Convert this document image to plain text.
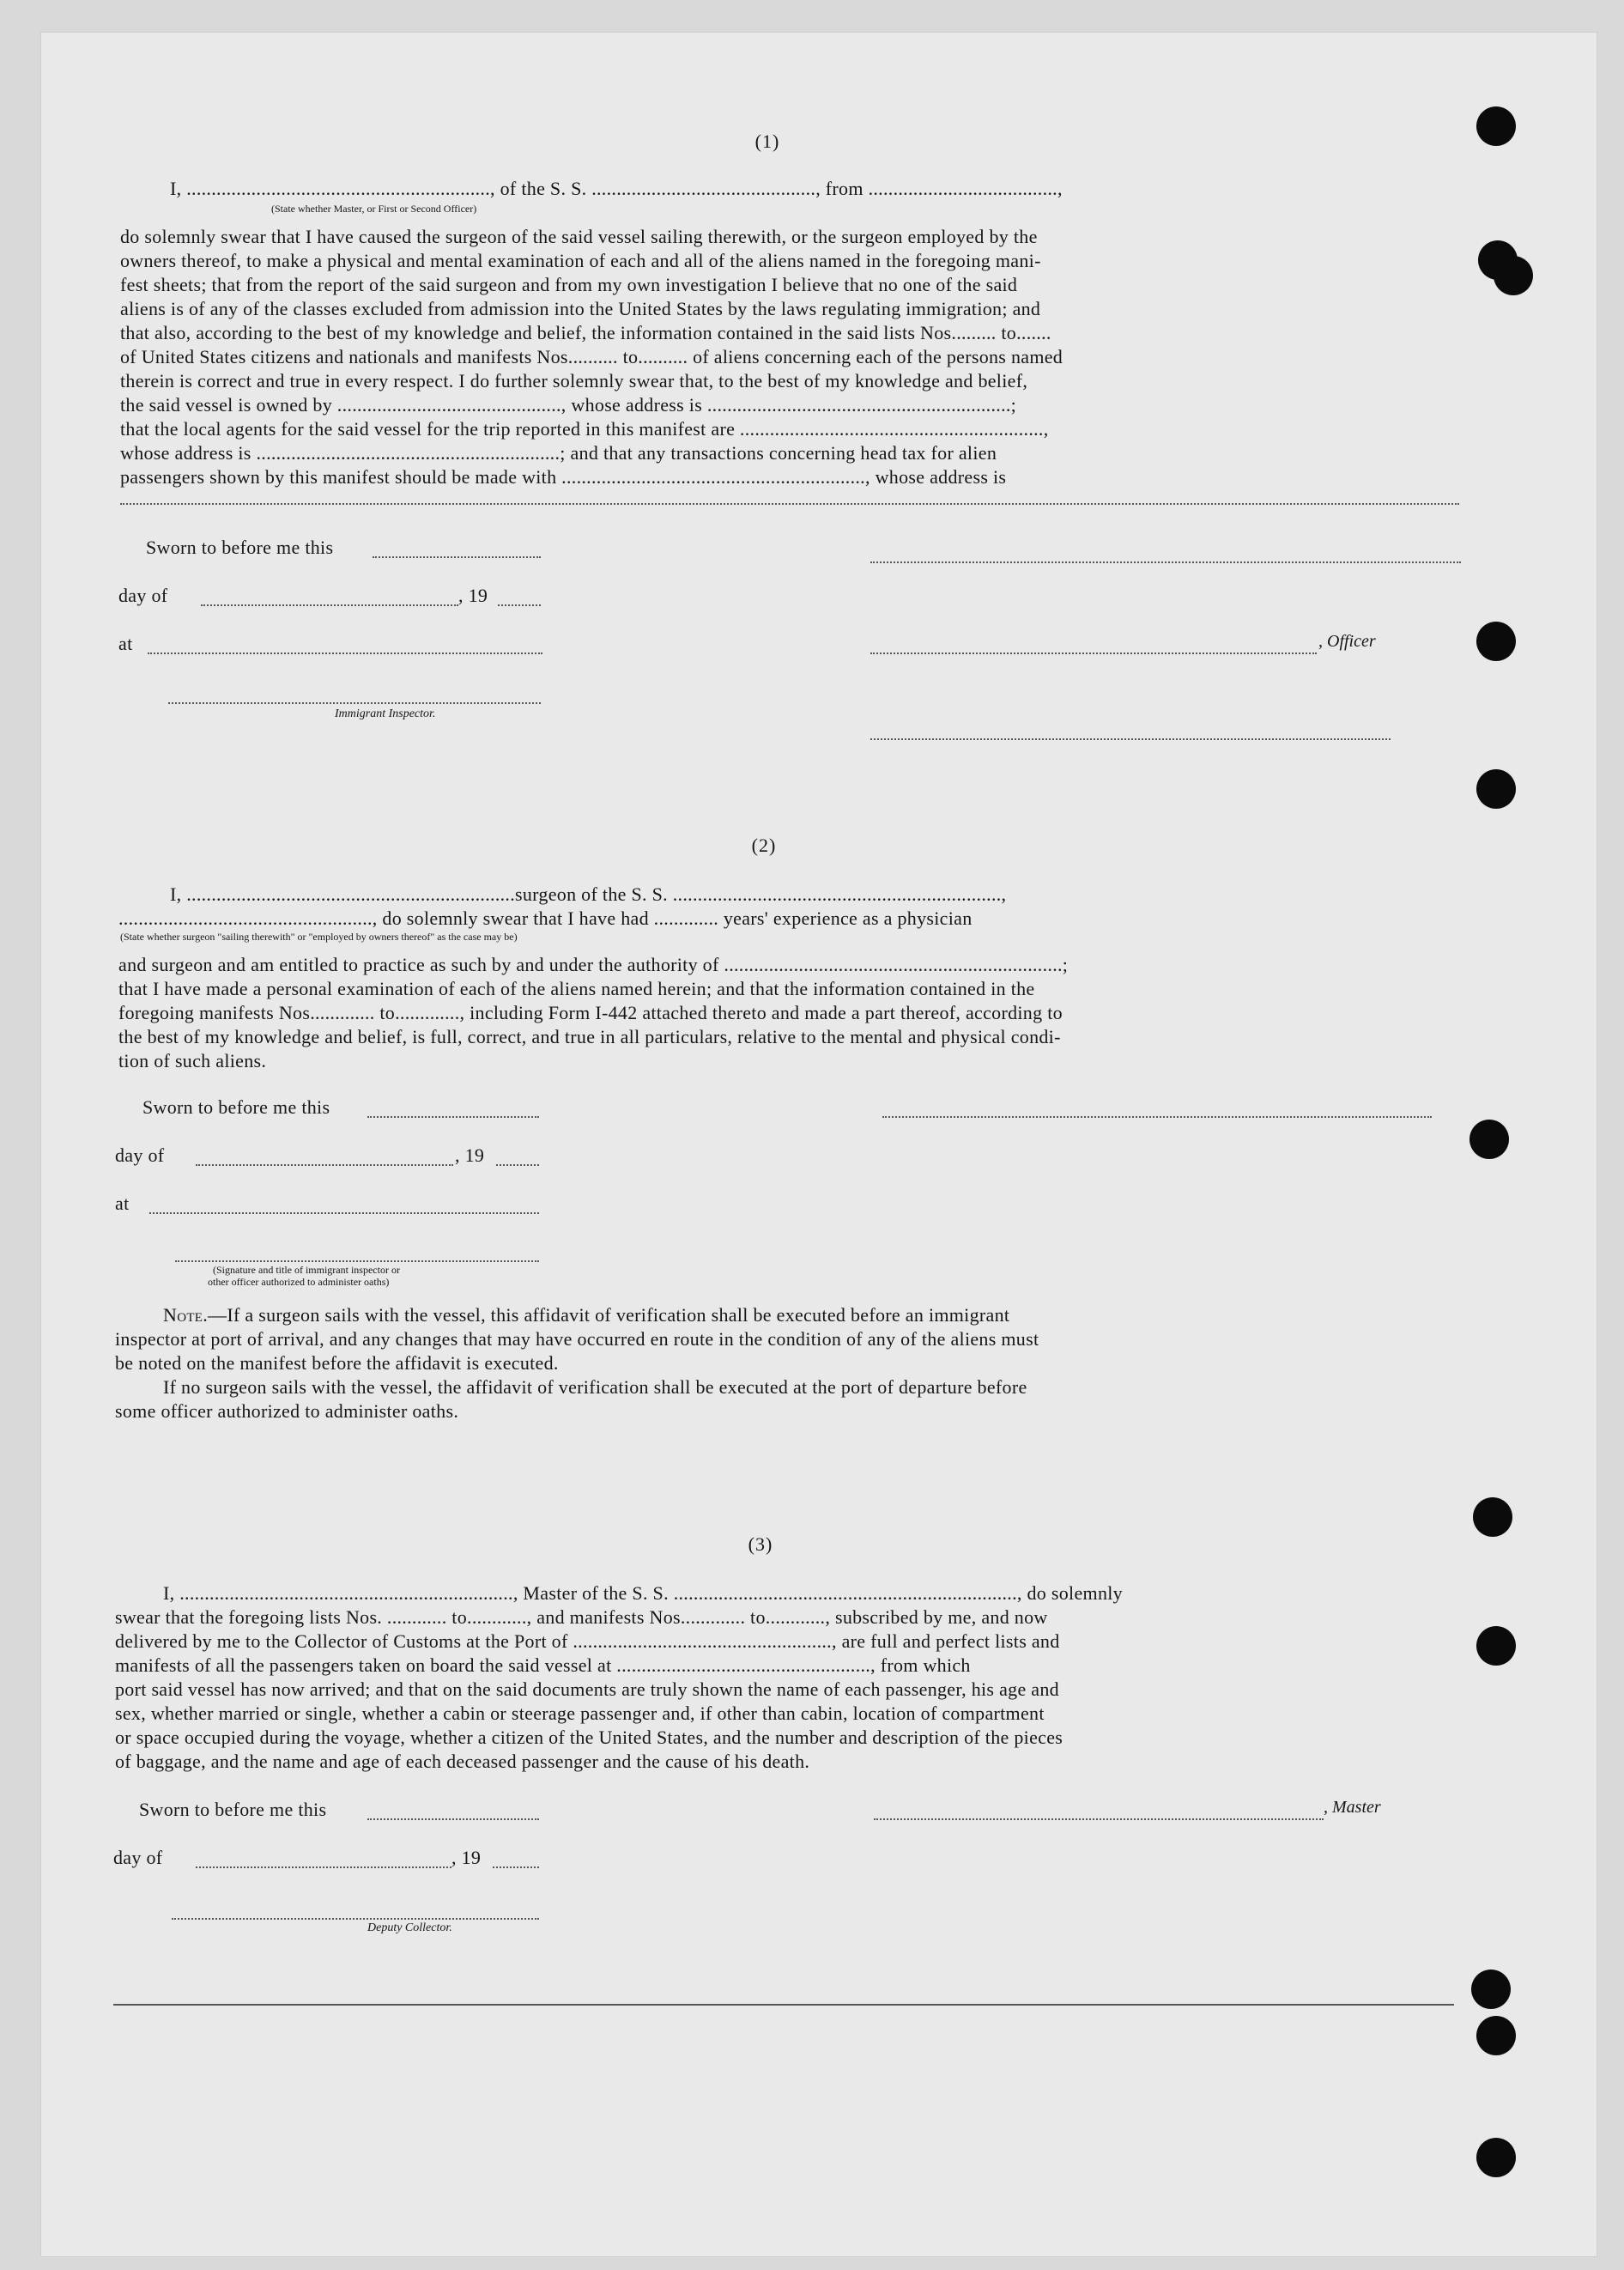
(1)
I, ............................................................., of the S. S. ............................................., from ......................................,
(State whether Master, or First or Second Officer)
do solemnly swear that I have caused the surgeon of the said vessel sailing therewith, or the surgeon employed by the
owners thereof, to make a physical and mental examination of each and all of the aliens named in the foregoing mani-
fest sheets; that from the report of the said surgeon and from my own investigation I believe that no one of the said
aliens is of any of the classes excluded from admission into the United States by the laws regulating immigration; and
that also, according to the best of my knowledge and belief, the information contained in the said lists Nos......... to.......
of United States citizens and nationals and manifests Nos.......... to.......... of aliens concerning each of the persons named
therein is correct and true in every respect. I do further solemnly swear that, to the best of my knowledge and belief,
the said vessel is owned by ............................................., whose address is .............................................................;
that the local agents for the said vessel for the trip reported in this manifest are .............................................................,
whose address is .............................................................; and that any transactions concerning head tax for alien
passengers shown by this manifest should be made with ............................................................., whose address is
Sworn to before me this
day of	, 19
at	, Officer
Immigrant Inspector.
(2)
I, ..................................................................surgeon of the S. S. ..................................................................,
..................................................., do solemnly swear that I have had ............. years' experience as a physician
(State whether surgeon "sailing therewith" or "employed by owners thereof" as the case may be)
and surgeon and am entitled to practice as such by and under the authority of ....................................................................;
that I have made a personal examination of each of the aliens named herein; and that the information contained in the
foregoing manifests Nos............. to............., including Form I-442 attached thereto and made a part thereof, according to
the best of my knowledge and belief, is full, correct, and true in all particulars, relative to the mental and physical condi-
tion of such aliens.
Sworn to before me this
day of	, 19
at
(Signature and title of immigrant inspector or
other officer authorized to administer oaths)
Note.—If a surgeon sails with the vessel, this affidavit of verification shall be executed before an immigrant
inspector at port of arrival, and any changes that may have occurred en route in the condition of any of the aliens must
be noted on the manifest before the affidavit is executed.
If no surgeon sails with the vessel, the affidavit of verification shall be executed at the port of departure before
some officer authorized to administer oaths.
(3)
I, ..................................................................., Master of the S. S. ....................................................................., do solemnly
swear that the foregoing lists Nos. ............ to............, and manifests Nos............. to............, subscribed by me, and now
delivered by me to the Collector of Customs at the Port of ...................................................., are full and perfect lists and
manifests of all the passengers taken on board the said vessel at ..................................................., from which
port said vessel has now arrived; and that on the said documents are truly shown the name of each passenger, his age and
sex, whether married or single, whether a cabin or steerage passenger and, if other than cabin, location of compartment
or space occupied during the voyage, whether a citizen of the United States, and the number and description of the pieces
of baggage, and the name and age of each deceased passenger and the cause of his death.
Sworn to before me this	, Master
day of	, 19
Deputy Collector.
